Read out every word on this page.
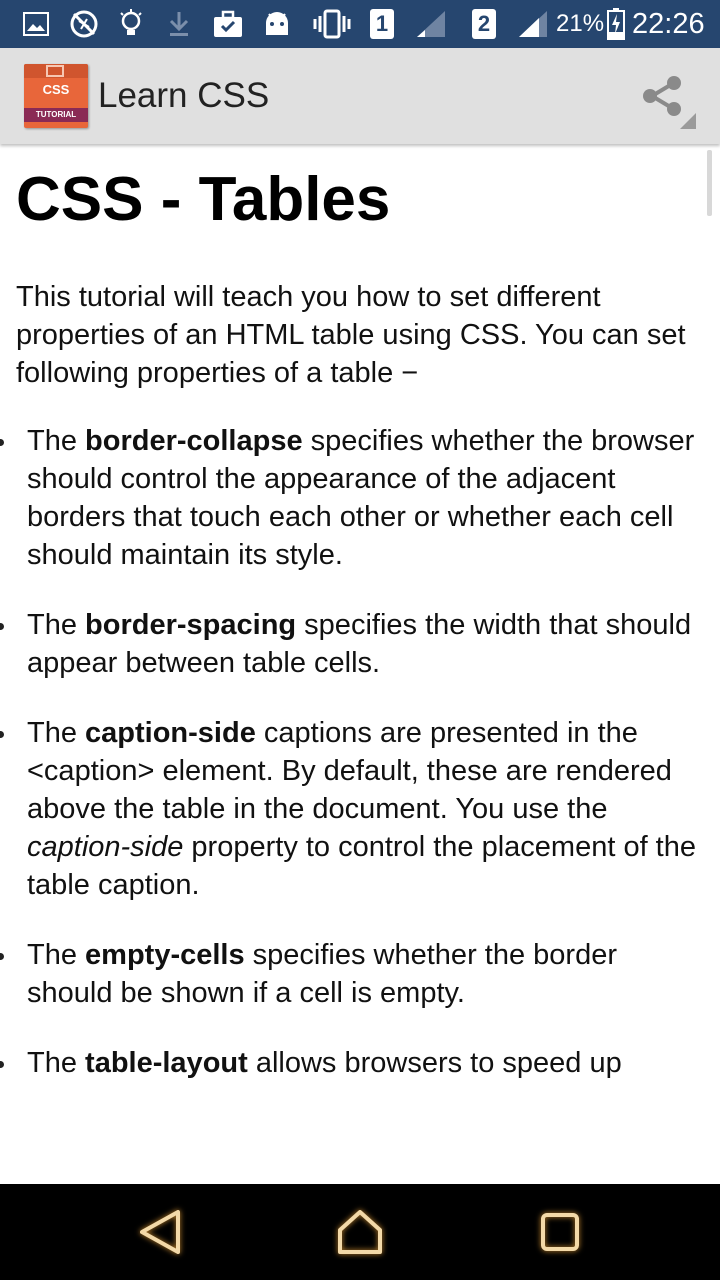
1	2	21% 22:26
CSS
TUTORIAL Learn CSS
CSS - Tables

This tutorial will teach you how to set different properties of an HTML table using CSS. You can set following properties of a table −

The border-collapse specifies whether the browser should control the appearance of the adjacent borders that touch each other or whether each cell should maintain its style.
The border-spacing specifies the width that should appear between table cells.
The caption-side captions are presented in the <caption> element. By default, these are rendered above the table in the document. You use the caption-side property to control the placement of the table caption.
The empty-cells specifies whether the border should be shown if a cell is empty.
The table-layout allows browsers to speed up
